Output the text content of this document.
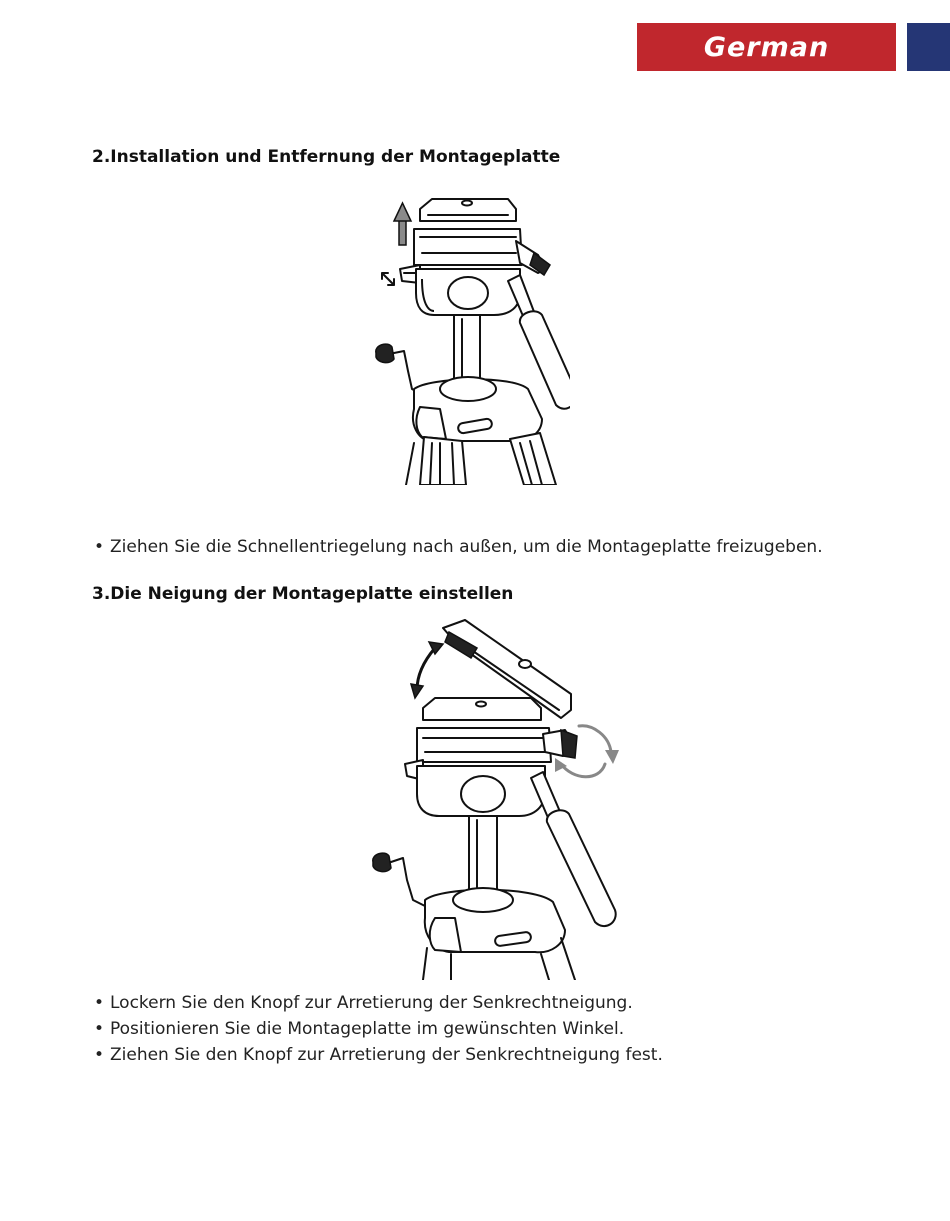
German
2.Installation und Entfernung der Montageplatte
• Ziehen Sie die Schnellentriegelung nach außen, um die Montageplatte freizugeben.
3.Die Neigung der Montageplatte einstellen
• Lockern Sie den Knopf zur Arretierung der Senkrechtneigung.
• Positionieren Sie die Montageplatte im gewünschten Winkel.
• Ziehen Sie den Knopf zur Arretierung der Senkrechtneigung fest.
